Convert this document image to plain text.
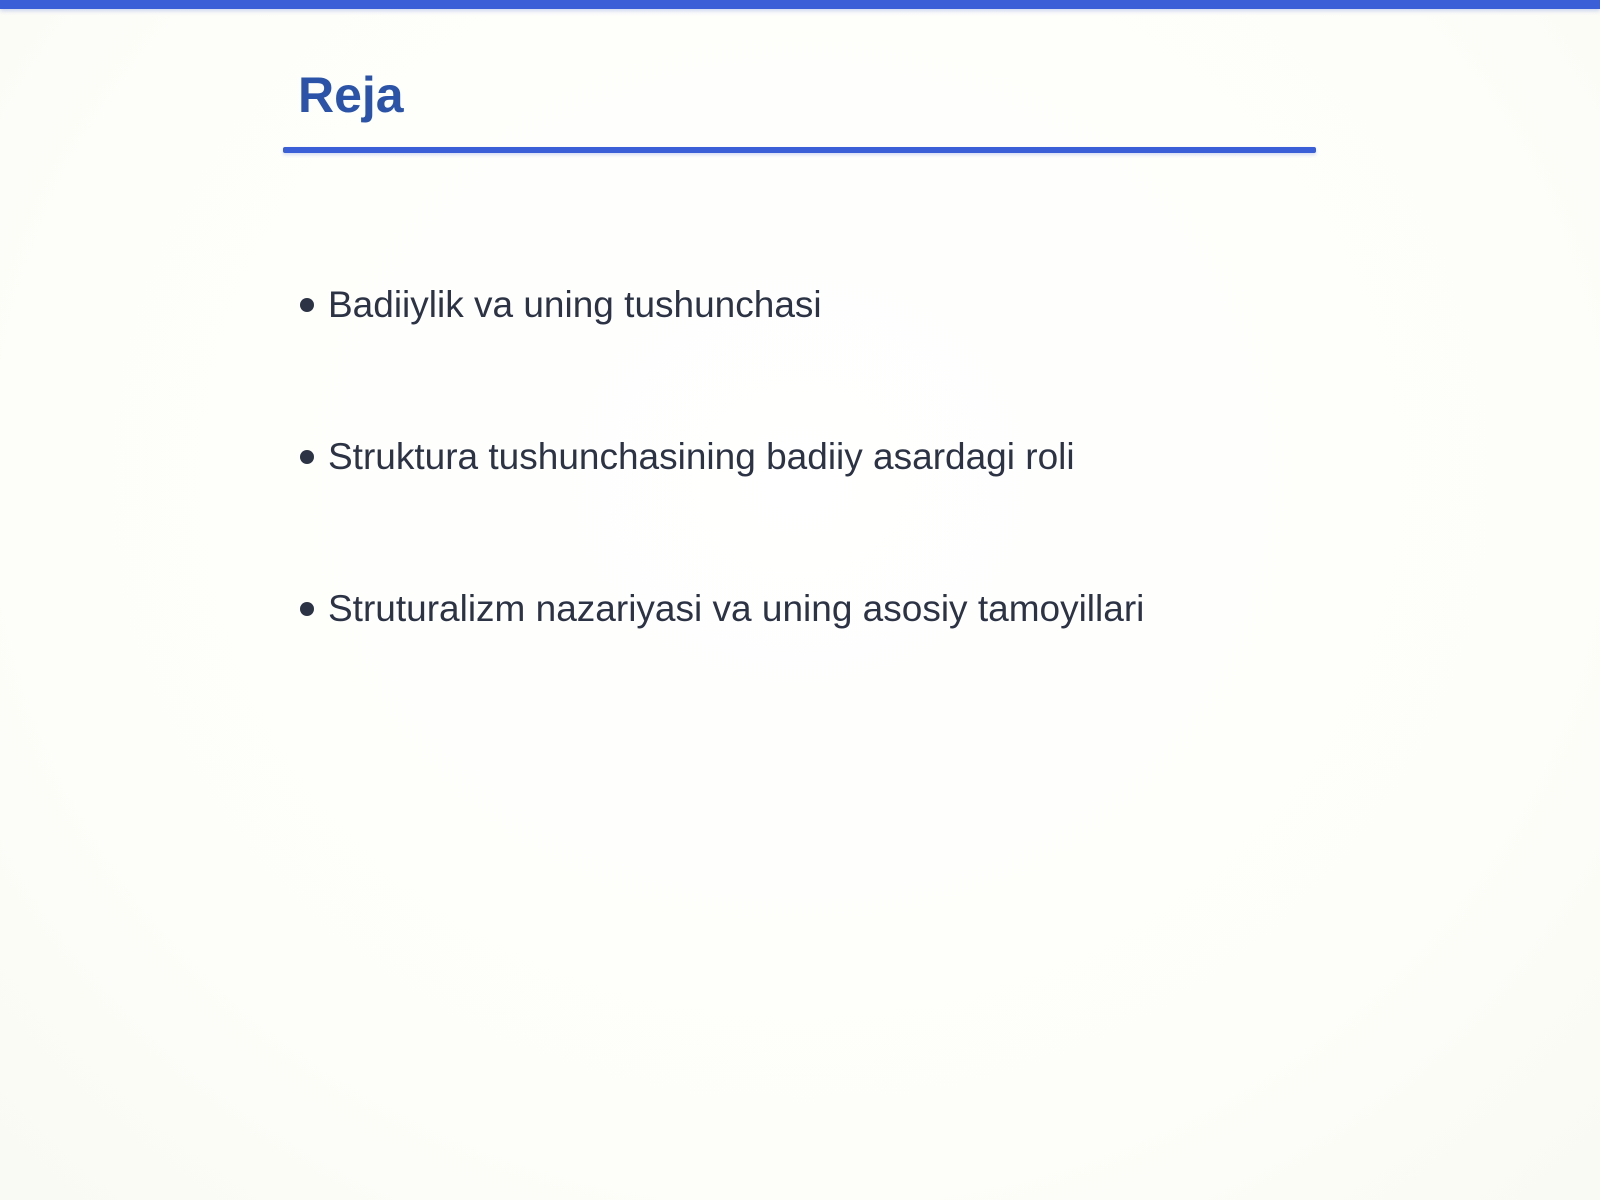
Reja
Badiiylik va uning tushunchasi
Struktura tushunchasining badiiy asardagi roli
Struturalizm nazariyasi va uning asosiy tamoyillari
